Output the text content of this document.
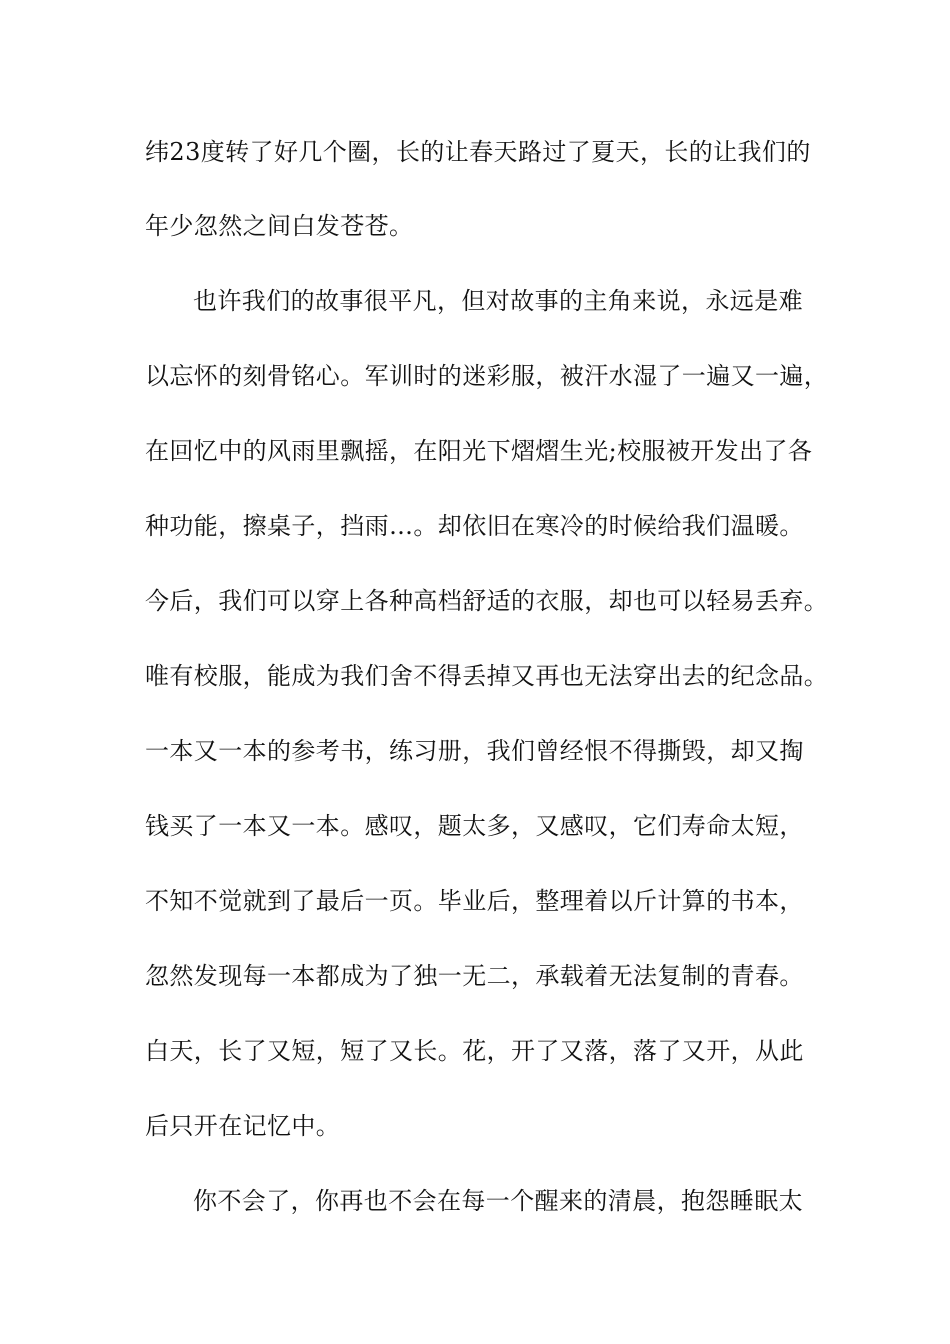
纬23度转了好几个圈，长的让春天路过了夏天，长的让我们的
年少忽然之间白发苍苍。
也许我们的故事很平凡，但对故事的主角来说，永远是难
以忘怀的刻骨铭心。军训时的迷彩服，被汗水湿了一遍又一遍，
在回忆中的风雨里飘摇，在阳光下熠熠生光;校服被开发出了各
种功能，擦桌子，挡雨…。却依旧在寒冷的时候给我们温暖。
今后，我们可以穿上各种高档舒适的衣服，却也可以轻易丢弃。
唯有校服，能成为我们舍不得丢掉又再也无法穿出去的纪念品。
一本又一本的参考书，练习册，我们曾经恨不得撕毁，却又掏
钱买了一本又一本。感叹，题太多，又感叹，它们寿命太短，
不知不觉就到了最后一页。毕业后，整理着以斤计算的书本，
忽然发现每一本都成为了独一无二，承载着无法复制的青春。
白天，长了又短，短了又长。花，开了又落，落了又开，从此
后只开在记忆中。
你不会了，你再也不会在每一个醒来的清晨，抱怨睡眠太
